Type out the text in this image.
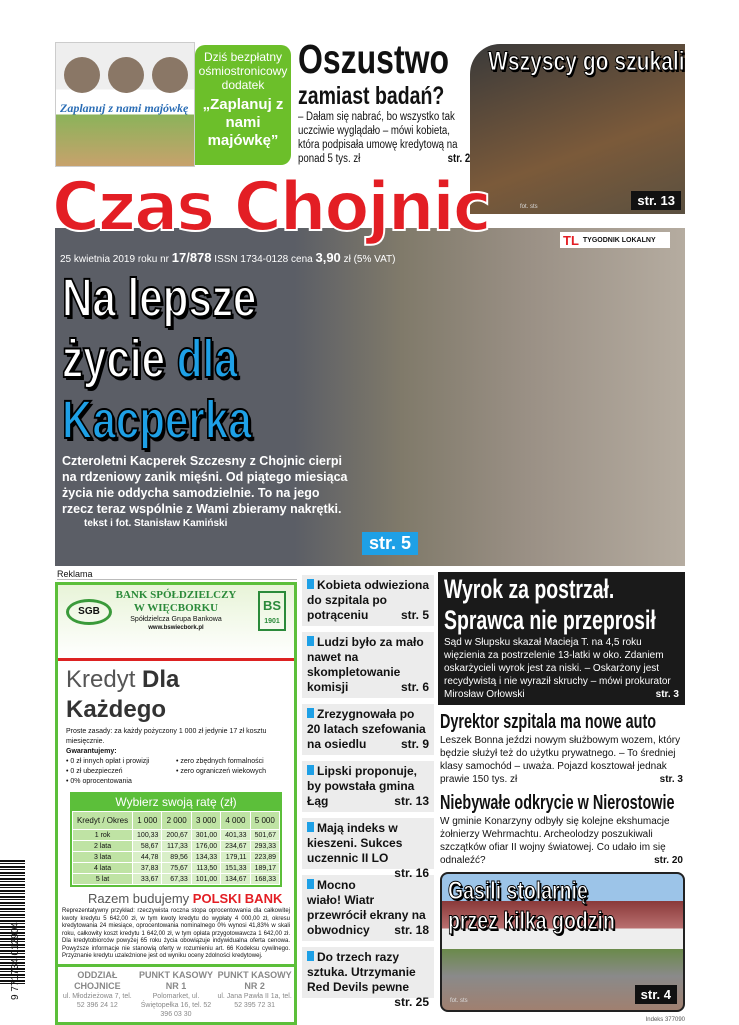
Zaplanuj z nami majówkę
Dziś bezpłatny ośmiostronicowy dodatek
„Zaplanuj z nami majówkę”
Oszustwo
zamiast badań?

– Dałam się nabrać, bo wszystko tak uczciwie wyglądało – mówi kobieta, która podpisała umowę kredytową na ponad 5 tys. zł	str. 2

Wszyscy go szukali
fot. sts	str. 13
Czas Chojnic
25 kwietnia 2019 roku nr 17/878 ISSN 1734-0128 cena 3,90 zł (5% VAT)
TL TYGODNIK LOKALNY
Na lepsze
życie dla
Kacperka
Czteroletni Kacperek Szczesny z Chojnic cierpi na rdzeniowy zanik mięśni. Od piątego miesiąca życia nie oddycha samodzielnie. To na jego rzecz teraz wspólnie z Wami zbieramy nakrętki.
tekst i fot. Stanisław Kamiński
str. 5
Reklama
SGB	BS
1901
BANK SPÓŁDZIELCZY
W WIĘCBORKU
Spółdzielcza Grupa Bankowa
www.bswiecbork.pl
Kredyt Dla Każdego
Proste zasady: za każdy pożyczony 1 000 zł jedynie 17 zł kosztu miesięcznie.
Gwarantujemy:
• 0 zł innych opłat i prowizji	• zero zbędnych formalności
• 0 zł ubezpieczeń	• zero ograniczeń wiekowych
• 0% oprocentowania
Wybierz swoją ratę (zł)
Kredyt / Okres	1 000	2 000	3 000	4 000	5 000
1 rok	100,33	200,67	301,00	401,33	501,67
2 lata	58,67	117,33	176,00	234,67	293,33
3 lata	44,78	89,56	134,33	179,11	223,89
4 lata	37,83	75,67	113,50	151,33	189,17
5 lat	33,67	67,33	101,00	134,67	168,33
Razem budujemy POLSKI BANK
Reprezentatywny przykład: rzeczywista roczna stopa oprocentowania dla całkowitej kwoty kredytu 5 642,00 zł, w tym kwoty kredytu do wypłaty 4 000,00 zł, okresu kredytowania 24 miesiące, oprocentowania nominalnego 0% wynosi 41,83% w skali roku, całkowity koszt kredytu 1 642,00 zł, w tym opłata przygotowawcza 1 642,00 zł. Dla kredytobiorców powyżej 65 roku życia obowiązuje indywidualna oferta cenowa. Powyższe informacje nie stanowią oferty w rozumieniu art. 66 Kodeksu cywilnego. Przyznanie kredytu uzależnione jest od wyniku oceny zdolności kredytowej.
ODDZIAŁ CHOJNICE
ul. Młodzieżowa 7, tel. 52 396 24 12
PUNKT KASOWY NR 1
Polomarket, ul. Świętopełka 16, tel. 52 396 03 30
PUNKT KASOWY NR 2
ul. Jana Pawła II 1a, tel. 52 395 72 31
Kobieta odwieziona do szpitala po potrąceniu	str. 5
Ludzi było za mało nawet na skompletowanie komisji	str. 6
Zrezygnowała po 20 latach szefowania na osiedlu	str. 9
Lipski proponuje, by powstała gmina Łąg	str. 13
Mają indeks w kieszeni. Sukces uczennic II LO
str. 16
Mocno wiało! Wiatr przewrócił ekrany na obwodnicy str. 18
Do trzech razy sztuka. Utrzymanie Red Devils pewne
str. 25
Wyrok za postrzał.
Sprawca nie przeprosił

Sąd w Słupsku skazał Macieja T. na 4,5 roku więzienia za postrzelenie 13-latki w oko. Zdaniem oskarżycieli wyrok jest za niski. – Oskarżony jest recydywistą i nie wyraził skruchy – mówi prokurator Mirosław Orłowski	str. 3

Dyrektor szpitala ma nowe auto

Leszek Bonna jeździ nowym służbowym wozem, który będzie służył też do użytku prywatnego. – To średniej klasy samochód – uważa. Pojazd kosztował jednak prawie 150 tys. zł	str. 3

Niebywałe odkrycie w Nierostowie

W gminie Konarzyny odbyły się kolejne ekshumacje żołnierzy Wehrmachtu. Archeolodzy poszukiwali szczątków ofiar II wojny światowej. Co udało im się odnaleźć?	str. 20

Gasili stolarnię
przez kilka godzin
fot. sts	str. 4
Indeks 377090
9 771734 012904
